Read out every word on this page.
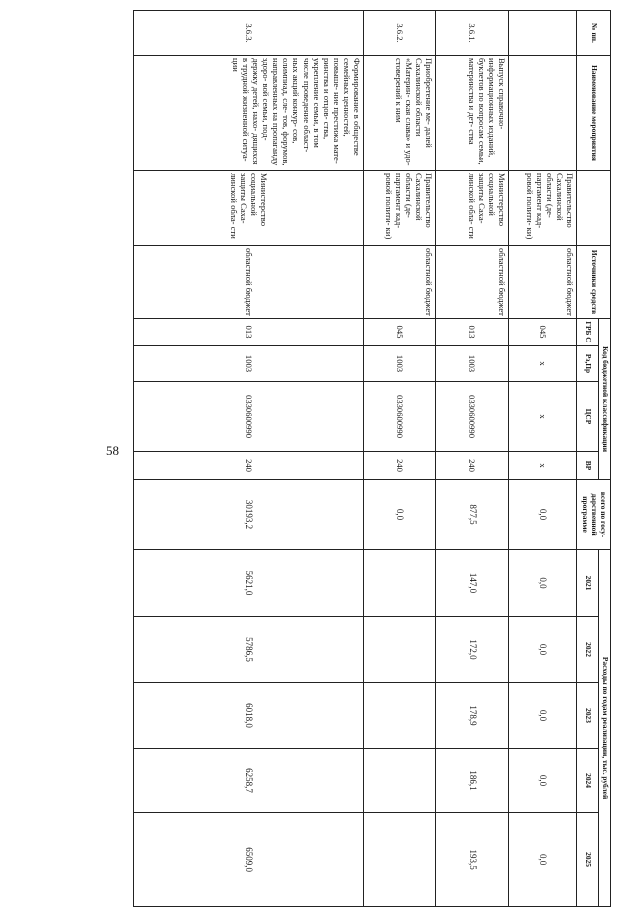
58
№ пп.	Наименование мероприятия		Источники средств	Код бюджетной классификации				всего по госу- дарственной программе	Расходы по годам реализации, тыс. рублей				
				ГРБ С	Рз,Пр	ЦСР	ВР		2021	2022	2023	2024	2025
		Правительство Сахалинской области (де- партамент кад- ровой полити- ки)	областной бюджет	045	х	х	х	0,0	0,0	0,0	0,0	0,0	0,0
3.6.1.	Выпуск справочно- информационных изданий, буклетов по вопросам семьи, материнства и дет- ства	Министерство социальной защиты Саха- линской обла- сти	областной бюджет	013	1003	0330600990	240	877,5	147,0	172,0	178,9	186,1	193,5
3.6.2.	Приобретение ме- далей Сахалинской области «Материн- ская слава» и удо- стоверений к ним	Правительство Сахалинской области (де- партамент кад- ровой полити- ки)	областной бюджет	045	1003	0330600990	240	0,0					
3.6.3.	Формирование в обществе семейных ценностей, повыше- ние престижа мате- ринства и отцов- ства, укрепление семьи, в том числе проведение област- ных акций конкур- сов, олимпиад, сле- тов, форумов, направленных на пропаганду здоро- вой семьи, под- держку детей, нахо- дящихся в трудной жизненной ситуа- ции	Министерство социальной защиты Саха- линской обла- сти	областной бюджет	013	1003	0330600990	240	30193,2	5621,0	5786,5	6018,0	6258,7	6509,0
